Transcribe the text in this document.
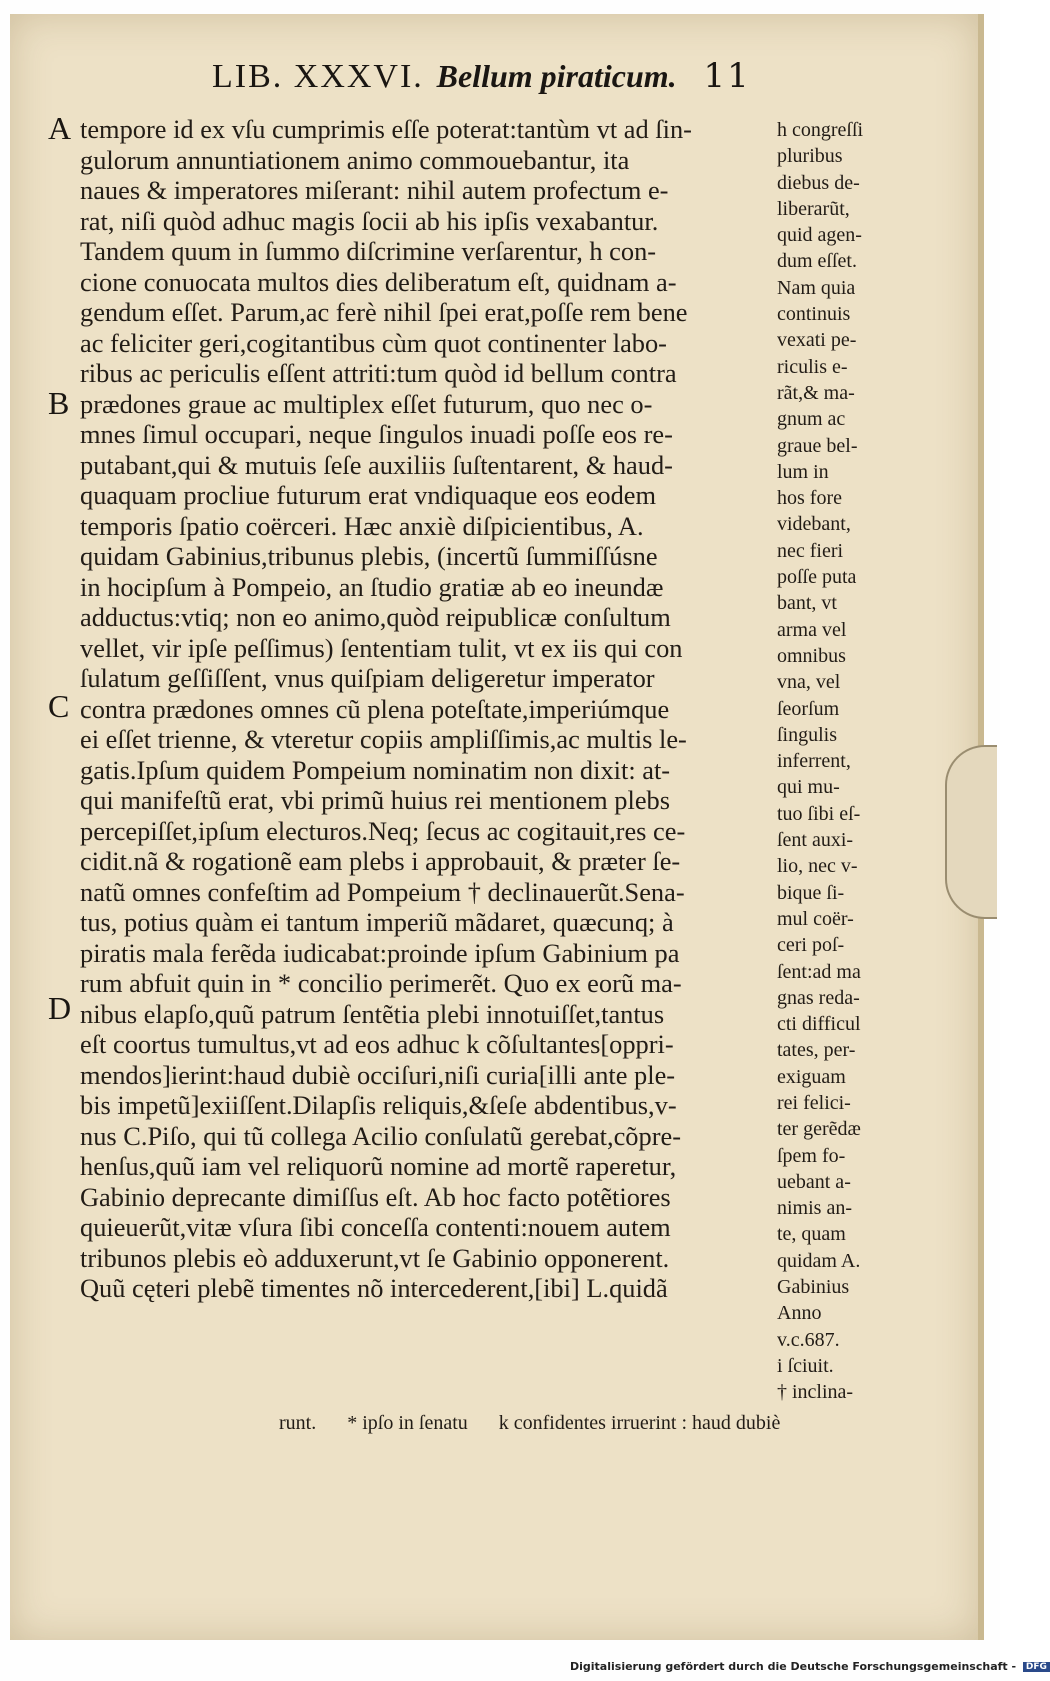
LIB. XXXVI. Bellum piraticum. 11
A
B
C
D
tempore id ex vſu cumprimis eſſe poterat:tantùm vt ad ſin-
gulorum annuntiationem animo commouebantur, ita
naues & imperatores miſerant: nihil autem profectum e-
rat, niſi quòd adhuc magis ſocii ab his ipſis vexabantur.
Tandem quum in ſummo diſcrimine verſarentur, h con-
cione conuocata multos dies deliberatum eſt, quidnam a-
gendum eſſet. Parum,ac ferè nihil ſpei erat,poſſe rem bene
ac feliciter geri,cogitantibus cùm quot continenter labo-
ribus ac periculis eſſent attriti:tum quòd id bellum contra
prædones graue ac multiplex eſſet futurum, quo nec o-
mnes ſimul occupari, neque ſingulos inuadi poſſe eos re-
putabant,qui & mutuis ſeſe auxiliis ſuſtentarent, & haud-
quaquam procliue futurum erat vndiquaque eos eodem
temporis ſpatio coërceri. Hæc anxiè diſpicientibus, A.
quidam Gabinius,tribunus plebis, (incertũ ſummiſſúsne
in hocipſum à Pompeio, an ſtudio gratiæ ab eo ineundæ
adductus:vtiq; non eo animo,quòd reipublicæ conſultum
vellet, vir ipſe peſſimus) ſententiam tulit, vt ex iis qui con
ſulatum geſſiſſent, vnus quiſpiam deligeretur imperator
contra prædones omnes cũ plena poteſtate,imperiúmque
ei eſſet trienne, & vteretur copiis ampliſſimis,ac multis le-
gatis.Ipſum quidem Pompeium nominatim non dixit: at-
qui manifeſtũ erat, vbi primũ huius rei mentionem plebs
percepiſſet,ipſum electuros.Neq; ſecus ac cogitauit,res ce-
cidit.nã & rogationẽ eam plebs i approbauit, & præter ſe-
natũ omnes confeſtim ad Pompeium † declinauerũt.Sena-
tus, potius quàm ei tantum imperiũ mãdaret, quæcunq; à
piratis mala ferẽda iudicabat:proinde ipſum Gabinium pa
rum abfuit quin in * concilio perimerẽt. Quo ex eorũ ma-
nibus elapſo,quũ patrum ſentẽtia plebi innotuiſſet,tantus
eſt coortus tumultus,vt ad eos adhuc k cõſultantes[oppri-
mendos]ierint:haud dubiè occiſuri,niſi curia[illi ante ple-
bis impetũ]exiiſſent.Dilapſis reliquis,&ſeſe abdentibus,v-
nus C.Piſo, qui tũ collega Acilio conſulatũ gerebat,cõpre-
henſus,quũ iam vel reliquorũ nomine ad mortẽ raperetur,
Gabinio deprecante dimiſſus eſt. Ab hoc facto potẽtiores
quieuerũt,vitæ vſura ſibi conceſſa contenti:nouem autem
tribunos plebis eò adduxerunt,vt ſe Gabinio opponerent.
Quũ cęteri plebẽ timentes nõ intercederent,[ibi] L.quidã
h congreſſi
pluribus
diebus de-
liberarũt,
quid agen-
dum eſſet.
Nam quia
continuis
vexati pe-
riculis e-
rãt,& ma-
gnum ac
graue bel-
lum in
hos fore
videbant,
nec fieri
poſſe puta
bant, vt
arma vel
omnibus
vna, vel
ſeorſum
ſingulis
inferrent,
qui mu-
tuo ſibi eſ-
ſent auxi-
lio, nec v-
bique ſi-
mul coër-
ceri poſ-
ſent:ad ma
gnas reda-
cti difficul
tates, per-
exiguam
rei felici-
ter gerẽdæ
ſpem fo-
uebant a-
nimis an-
te, quam
quidam A.
Gabinius
Anno
v.c.687.
i ſciuit.
† inclina-
runt. * ipſo in ſenatu k confidentes irruerint : haud dubiè
Digitalisierung gefördert durch die Deutsche Forschungsgemeinschaft - DFG
